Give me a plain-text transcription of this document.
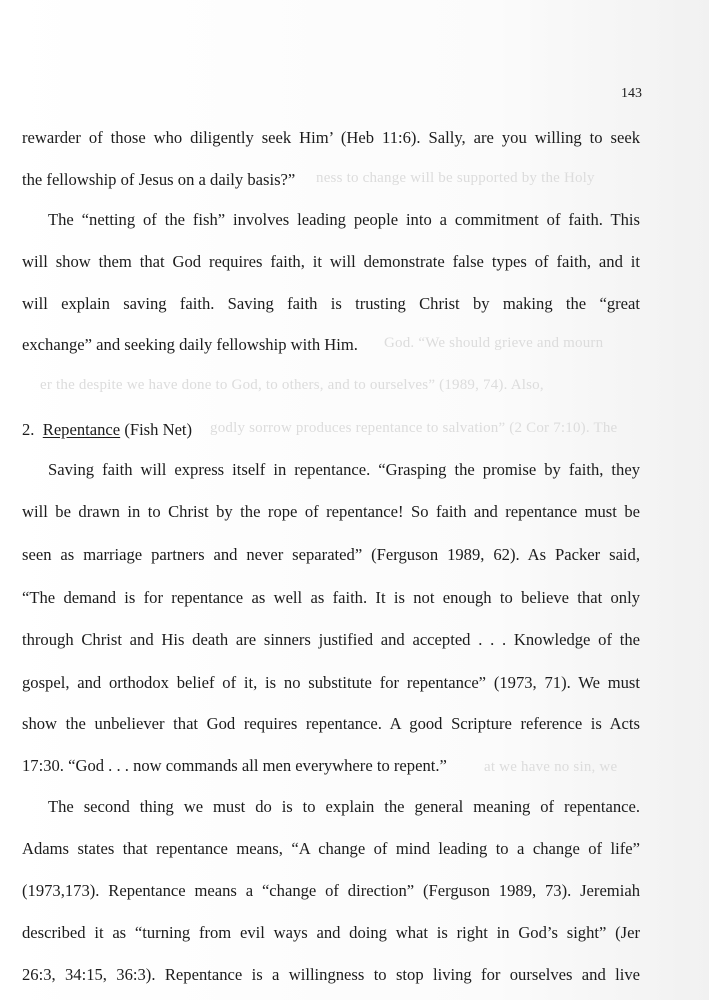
ness to change will be supported by the Holy
God. “We should grieve and mourn
er the despite we have done to God, to others, and to ourselves” (1989, 74). Also,
godly sorrow produces repentance to salvation” (2 Cor 7:10). The
at we have no sin, we
143
rewarder of those who diligently seek Him’ (Heb 11:6). Sally, are you willing to seek
the fellowship of Jesus on a daily basis?”
The “netting of the fish” involves leading people into a commitment of faith. This
will show them that God requires faith, it will demonstrate false types of faith, and it
will explain saving faith. Saving faith is trusting Christ by making the “great
exchange” and seeking daily fellowship with Him.
2. Repentance (Fish Net)
Saving faith will express itself in repentance. “Grasping the promise by faith, they
will be drawn in to Christ by the rope of repentance! So faith and repentance must be
seen as marriage partners and never separated” (Ferguson 1989, 62). As Packer said,
“The demand is for repentance as well as faith. It is not enough to believe that only
through Christ and His death are sinners justified and accepted . . . Knowledge of the
gospel, and orthodox belief of it, is no substitute for repentance” (1973, 71). We must
show the unbeliever that God requires repentance. A good Scripture reference is Acts
17:30. “God . . . now commands all men everywhere to repent.”
The second thing we must do is to explain the general meaning of repentance.
Adams states that repentance means, “A change of mind leading to a change of life”
(1973,173). Repentance means a “change of direction” (Ferguson 1989, 73). Jeremiah
described it as “turning from evil ways and doing what is right in God’s sight” (Jer
26:3, 34:15, 36:3). Repentance is a willingness to stop living for ourselves and live
